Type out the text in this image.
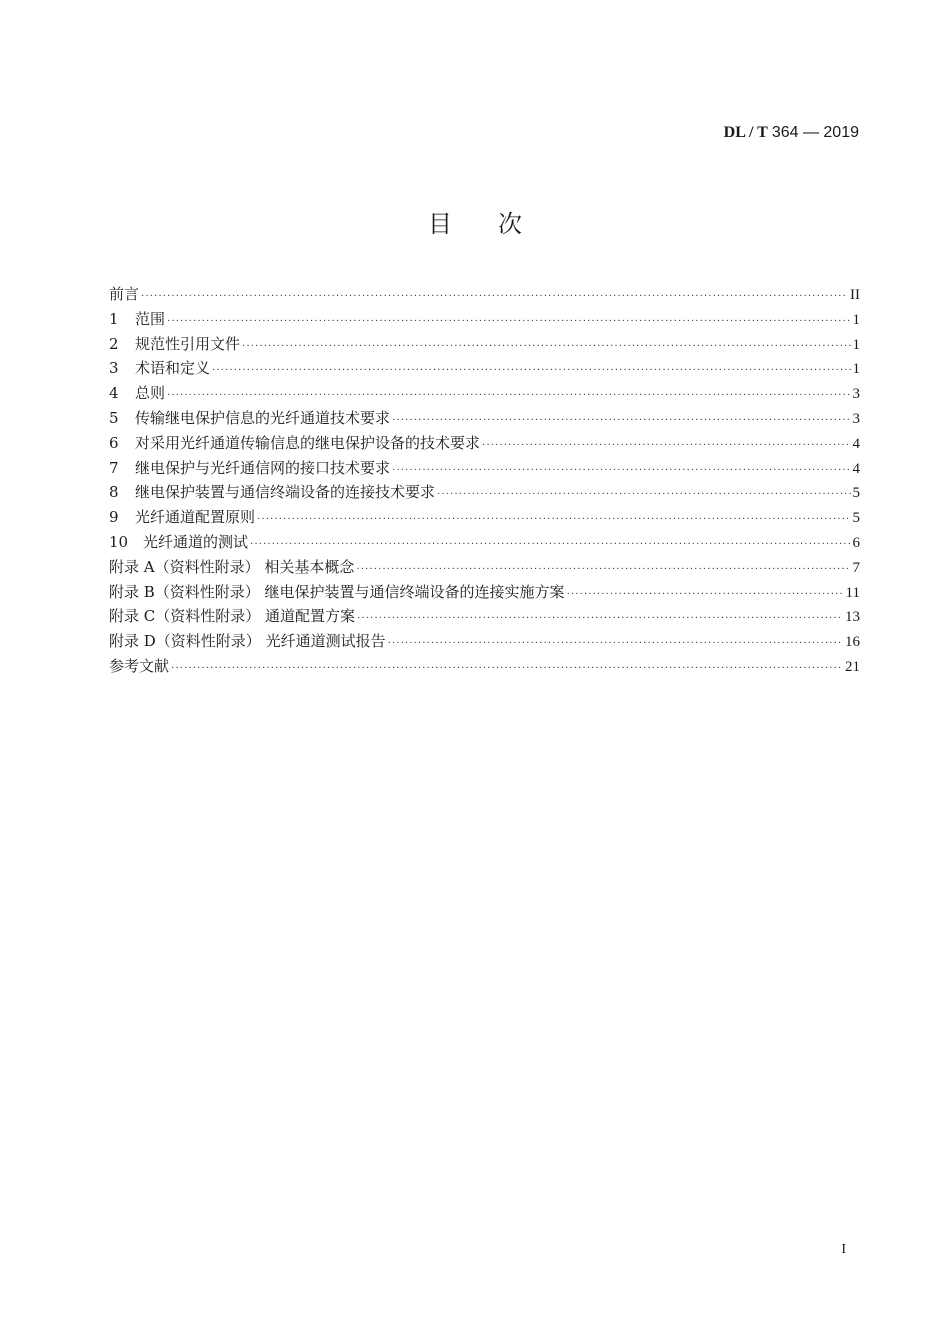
DL / T 364 — 2019
目次
前言 ·····	II
1	范围 ·····	1
2	规范性引用文件 ·····	1
3	术语和定义 ·····	1
4	总则 ·····	3
5	传输继电保护信息的光纤通道技术要求 ·····	3
6	对采用光纤通道传输信息的继电保护设备的技术要求 ·····	4
7	继电保护与光纤通信网的接口技术要求 ·····	4
8	继电保护装置与通信终端设备的连接技术要求 ·····	5
9	光纤通道配置原则 ·····	5
10 光纤通道的测试 ·····	6
附录 A（资料性附录） 相关基本概念 ·····	7
附录 B（资料性附录） 继电保护装置与通信终端设备的连接实施方案 ·····	11
附录 C（资料性附录） 通道配置方案 ·····	13
附录 D（资料性附录） 光纤通道测试报告 ·····	16
参考文献 ·····	21
I
